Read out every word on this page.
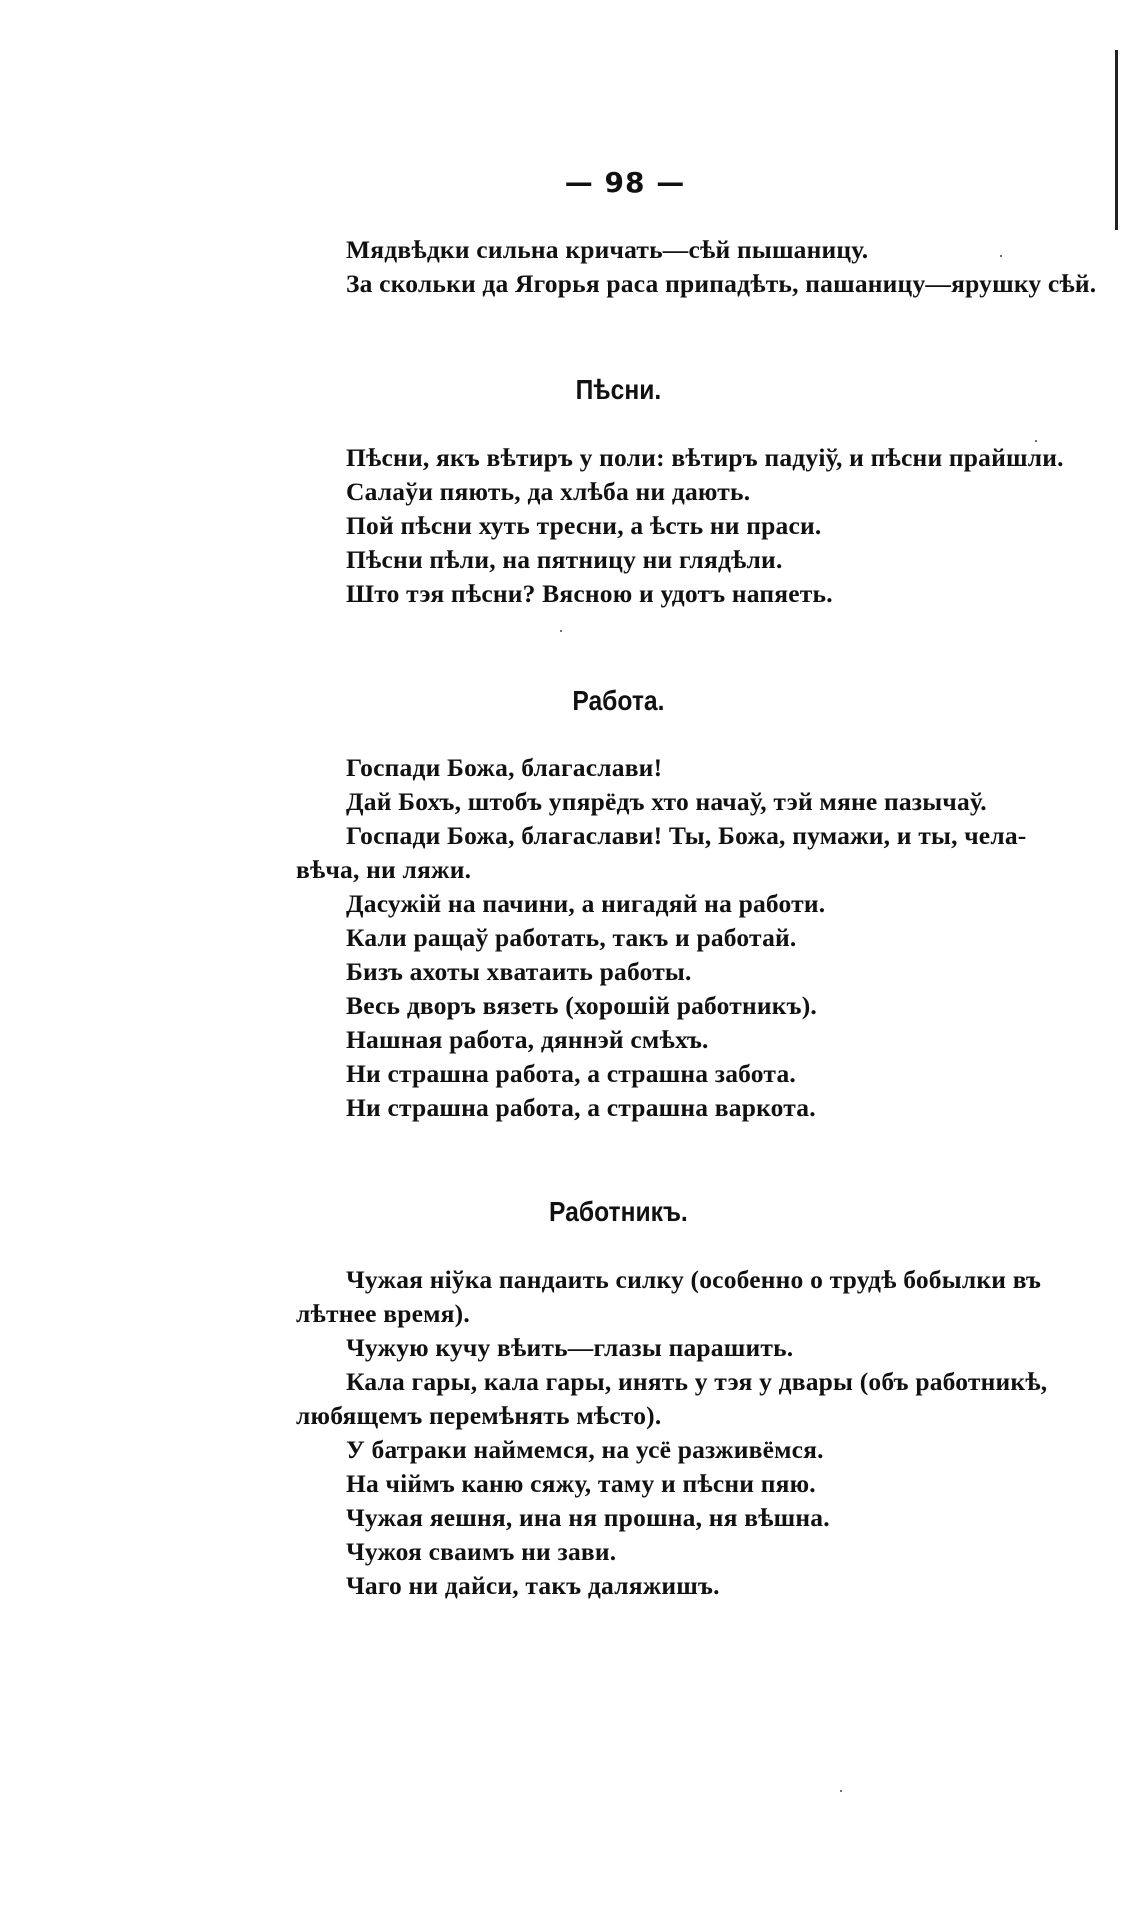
— 98 —
Мядвѣдки сильна кричать—сѣй пышаницу.
За скольки да Ягорья раса припадѣть, пашаницу—ярушку сѣй.
Пѣсни.
Пѣсни, якъ вѣтиръ у поли: вѣтиръ падуiў, и пѣсни прайшли.
Салаўи пяють, да хлѣба ни дають.
Пой пѣсни хуть тресни, а ѣсть ни праси.
Пѣсни пѣли, на пятницу ни глядѣли.
Што тэя пѣсни? Вясною и удотъ напяеть.
Работа.
Госпади Божа, благаслави!
Дай Бохъ, штобъ упярёдъ хто начаў, тэй мяне пазычаў.
Госпади Божа, благаслави! Ты, Божа, пумажи, и ты, чела-
вѣча, ни ляжи.
Дасужій на пачини, а нигадяй на работи.
Кали ращаў работать, такъ и работай.
Бизъ ахоты хватаить работы.
Весь дворъ вязеть (хорошій работникъ).
Нашная работа, дяннэй смѣхъ.
Ни страшна работа, а страшна забота.
Ни страшна работа, а страшна варкота.
Работникъ.
Чужая нiўка пандаить силку (особенно о трудѣ бобылки въ
лѣтнее время).
Чужую кучу вѣить—глазы парашить.
Кала гары, кала гары, инять у тэя у двары (объ работникѣ,
любящемъ перемѣнять мѣсто).
У батраки наймемся, на усё разживёмся.
На чіймъ каню сяжу, таму и пѣсни пяю.
Чужая яешня, ина ня прошна, ня вѣшна.
Чужоя сваимъ ни зави.
Чаго ни дайси, такъ даляжишъ.
